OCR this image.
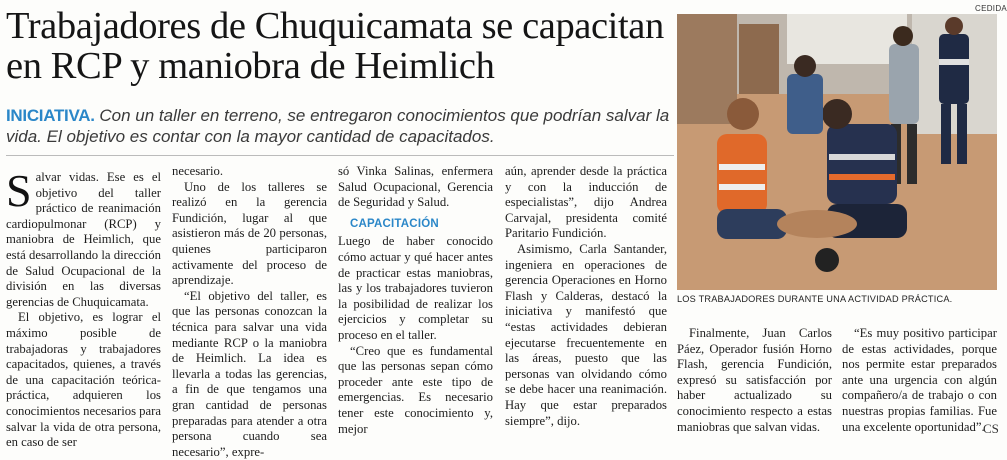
Trabajadores de Chuquicamata se capacitan en RCP y maniobra de Heimlich
CEDIDA
LOS TRABAJADORES DURANTE UNA ACTIVIDAD PRÁCTICA.
INICIATIVA. Con un taller en terreno, se entregaron conocimientos que podrían salvar la vida. El objetivo es contar con la mayor cantidad de capacitados.

Salvar vidas. Ese es el objetivo del taller práctico de reanimación cardiopulmonar (RCP) y maniobra de Heimlich, que está desarrollando la dirección de Salud Ocupacional de la división en las diversas gerencias de Chuquicamata.

El objetivo, es lograr el máximo posible de trabajadoras y trabajadores capacitados, quienes, a través de una capacitación teórica-práctica, adquieren los conocimientos necesarios para salvar la vida de otra persona, en caso de ser

necesario.

Uno de los talleres se realizó en la gerencia Fundición, lugar al que asistieron más de 20 personas, quienes participaron activamente del proceso de aprendizaje.

“El objetivo del taller, es que las personas conozcan la técnica para salvar una vida mediante RCP o la maniobra de Heimlich. La idea es llevarla a todas las gerencias, a fin de que tengamos una gran cantidad de personas preparadas para atender a otra persona cuando sea necesario”, expre-

só Vinka Salinas, enfermera Salud Ocupacional, Gerencia de Seguridad y Salud.

CAPACITACIÓN

Luego de haber conocido cómo actuar y qué hacer antes de practicar estas maniobras, las y los trabajadores tuvieron la posibilidad de realizar los ejercicios y completar su proceso en el taller.

“Creo que es fundamental que las personas sepan cómo proceder ante este tipo de emergencias. Es necesario tener este conocimiento y, mejor

aún, aprender desde la práctica y con la inducción de especialistas”, dijo Andrea Carvajal, presidenta comité Paritario Fundición.

Asimismo, Carla Santander, ingeniera en operaciones de gerencia Operaciones en Horno Flash y Calderas, destacó la iniciativa y manifestó que “estas actividades debieran ejecutarse frecuentemente en las áreas, puesto que las personas van olvidando cómo se debe hacer una reanimación. Hay que estar preparados siempre”, dijo.

Finalmente, Juan Carlos Páez, Operador fusión Horno Flash, gerencia Fundición, expresó su satisfacción por haber actualizado su conocimiento respecto a estas maniobras que salvan vidas.

“Es muy positivo participar de estas actividades, porque nos permite estar preparados ante una urgencia con algún compañero/a de trabajo o con nuestras propias familias. Fue una excelente oportunidad”.

CS
